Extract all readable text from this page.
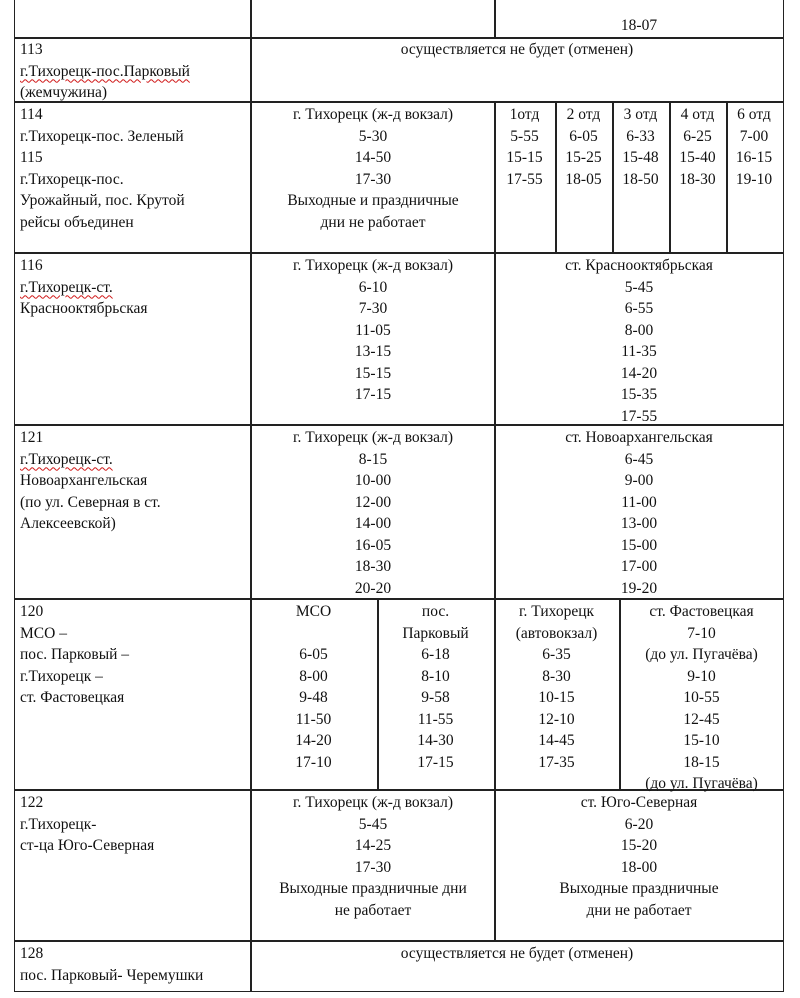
18-07
113
г.Тихорецк-пос.Парковый
(жемчужина)
осуществляется не будет (отменен)
114
г.Тихорецк-пос. Зеленый
115
г.Тихорецк-пос.
Урожайный, пос. Крутой
рейсы объединен
г. Тихорецк (ж-д вокзал)
5-30
14-50
17-30
Выходные и праздничные
дни не работает
1отд
5-55
15-15
17-55
2 отд
6-05
15-25
18-05
3 отд
6-33
15-48
18-50
4 отд
6-25
15-40
18-30
6 отд
7-00
16-15
19-10
116
г.Тихорецк-ст.
Краснооктябрьская
г. Тихорецк (ж-д вокзал)
6-10
7-30
11-05
13-15
15-15
17-15
ст. Краснооктябрьская
5-45
6-55
8-00
11-35
14-20
15-35
17-55
121
г.Тихорецк-ст.
Новоархангельская
(по ул. Северная в ст.
Алексеевской)
г. Тихорецк (ж-д вокзал)
8-15
10-00
12-00
14-00
16-05
18-30
20-20
ст. Новоархангельская
6-45
9-00
11-00
13-00
15-00
17-00
19-20
120
МСО –
пос. Парковый –
г.Тихорецк –
ст. Фастовецкая
МСО
6-05
8-00
9-48
11-50
14-20
17-10
пос.
Парковый
6-18
8-10
9-58
11-55
14-30
17-15
г. Тихорецк
(автовокзал)
6-35
8-30
10-15
12-10
14-45
17-35
ст. Фастовецкая
7-10
(до ул. Пугачёва)
9-10
10-55
12-45
15-10
18-15
(до ул. Пугачёва)
122
г.Тихорецк-
ст-ца Юго-Северная
г. Тихорецк (ж-д вокзал)
5-45
14-25
17-30
Выходные праздничные дни
не работает
ст. Юго-Северная
6-20
15-20
18-00
Выходные праздничные
дни не работает
128
пос. Парковый- Черемушки
осуществляется не будет (отменен)
